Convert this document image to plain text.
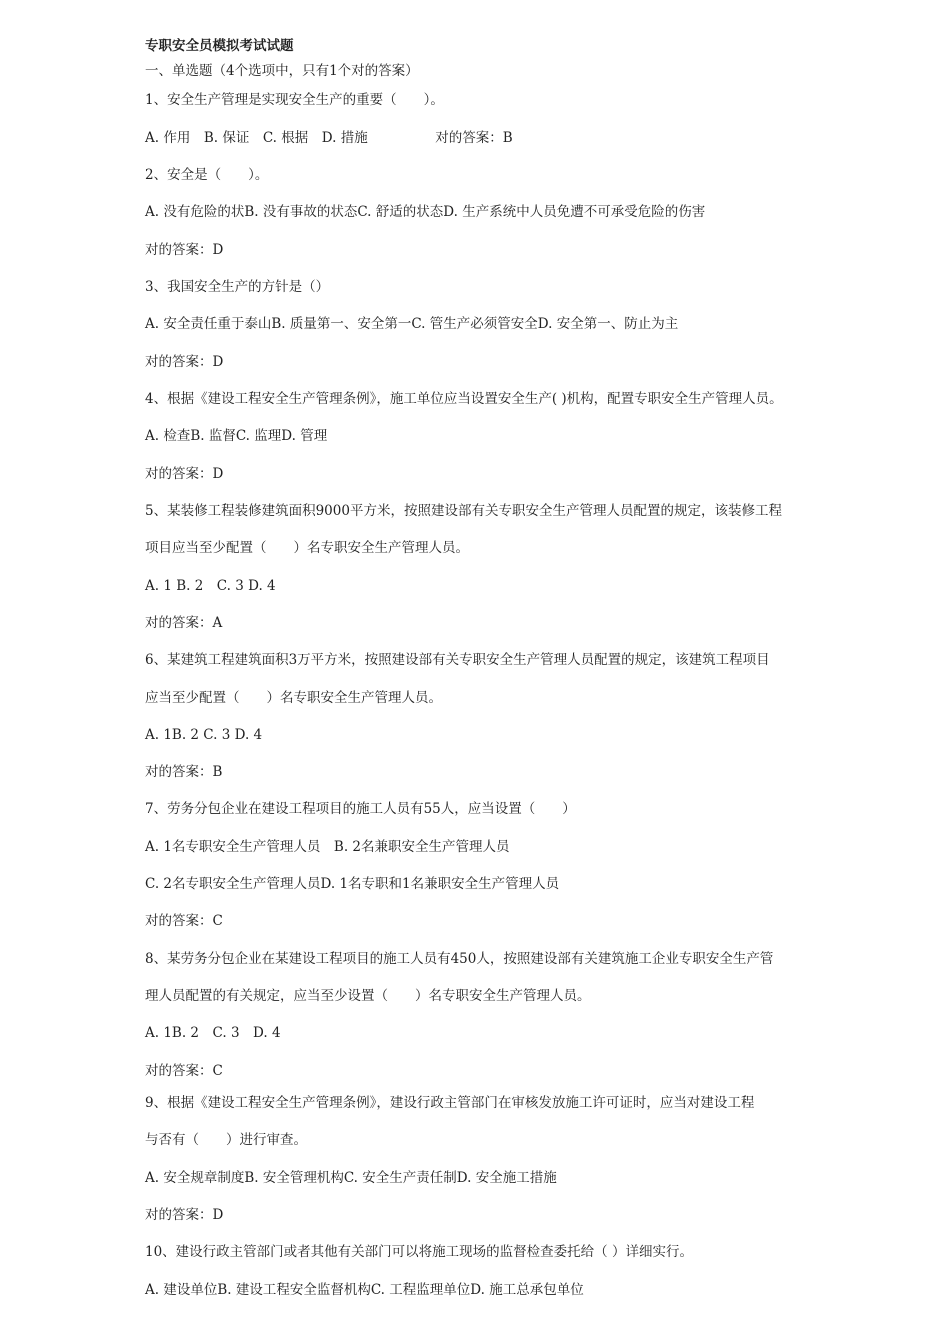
专职安全员模拟考试试题
一、单选题（4个选项中，只有1个对的答案）
1、安全生产管理是实现安全生产的重要（　　）。
A. 作用　B. 保证　C. 根据　D. 措施　　　　　对的答案：B
2、安全是（　　）。
A. 没有危险的状B. 没有事故的状态C. 舒适的状态D. 生产系统中人员免遭不可承受危险的伤害
对的答案：D
3、我国安全生产的方针是（）
A. 安全责任重于泰山B. 质量第一、安全第一C. 管生产必须管安全D. 安全第一、防止为主
对的答案：D
4、根据《建设工程安全生产管理条例》，施工单位应当设置安全生产( )机构，配置专职安全生产管理人员。
A. 检查B. 监督C. 监理D. 管理
对的答案：D
5、某装修工程装修建筑面积9000平方米，按照建设部有关专职安全生产管理人员配置的规定，该装修工程
项目应当至少配置（　　）名专职安全生产管理人员。
A. 1 B. 2　C. 3 D. 4
对的答案：A
6、某建筑工程建筑面积3万平方米，按照建设部有关专职安全生产管理人员配置的规定，该建筑工程项目
应当至少配置（　　）名专职安全生产管理人员。
A. 1B. 2 C. 3 D. 4
对的答案：B
7、劳务分包企业在建设工程项目的施工人员有55人，应当设置（　　）
A. 1名专职安全生产管理人员　B. 2名兼职安全生产管理人员
C. 2名专职安全生产管理人员D. 1名专职和1名兼职安全生产管理人员
对的答案：C
8、某劳务分包企业在某建设工程项目的施工人员有450人，按照建设部有关建筑施工企业专职安全生产管
理人员配置的有关规定，应当至少设置（　　）名专职安全生产管理人员。
A. 1B. 2　C. 3　D. 4
对的答案：C
9、根据《建设工程安全生产管理条例》，建设行政主管部门在审核发放施工许可证时，应当对建设工程
与否有（　　）进行审查。
A. 安全规章制度B. 安全管理机构C. 安全生产责任制D. 安全施工措施
对的答案：D
10、建设行政主管部门或者其他有关部门可以将施工现场的监督检查委托给（ ）详细实行。
A. 建设单位B. 建设工程安全监督机构C. 工程监理单位D. 施工总承包单位
